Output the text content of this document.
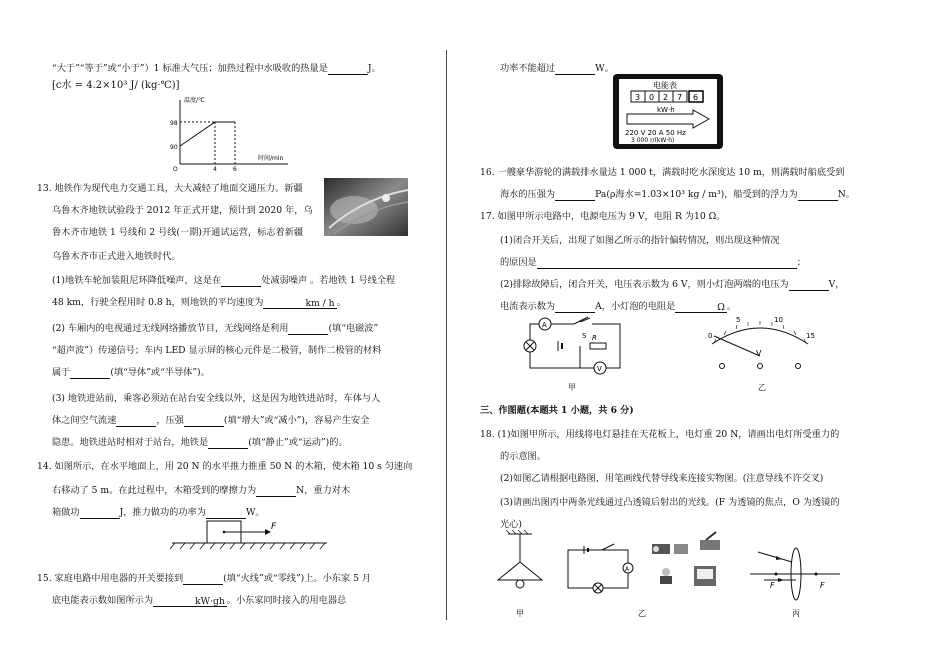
“大于”“等于”或“小于”）1 标准大气压；加热过程中水吸收的热量是	J。
[c水 = 4.2×10³ J/ (kg·℃)]
温度/℃
时间/min
98
90
4	6
O
13. 地铁作为现代电力交通工具，大大减轻了地面交通压力。新疆
乌鲁木齐地铁试验段于 2012 年正式开建，预计到 2020 年，乌
鲁木齐市地铁 1 号线和 2 号线(一期)开通试运营，标志着新疆
乌鲁木齐市正式进入地铁时代。
(1)地铁车轮加装阻尼环降低噪声，这是在	处减弱噪声 。若地铁 1 号线全程
48 km，行驶全程用时 0.8 h，则地铁的平均速度为	km / h 。
(2) 车厢内的电视通过无线网络播放节目，无线网络是利用	(填“电磁波”
“超声波”）传递信号；车内 LED 显示屏的核心元件是二极管，制作二极管的材料
属于	(填“导体”或“半导体”)。
(3) 地铁进站前，乘客必须站在站台安全线以外，这是因为地铁进站时，车体与人
体之间空气流速	，压强	(填“增大”或“减小”)，容易产生安全
隐患。地铁进站时相对于站台，地铁是	(填“静止”或“运动”)的。
14. 如图所示，在水平地面上，用 20 N 的水平推力推重 50 N 的木箱，使木箱 10 s 匀速向
右移动了 5 m。在此过程中，木箱受到的摩擦力为	N，重力对木
箱做功	J，推力做功的功率为	W。
F
15. 家庭电路中用电器的开关要接到	(填“火线”或“零线”)上。小东家 5 月
底电能表示数如图所示为	kW·gh 。小东家同时接入的用电器总
功率不能超过	W。
电能表
3 0 2 7 6
kW·h
220 V 20 A 50 Hz
3 000 r/(kW·h)
16. 一艘豪华游轮的满载排水量达 1 000 t，满载时吃水深度达 10 m，则满载时船底受到
海水的压强为	Pa(ρ海水=1.03×10³ kg / m³)，船受到的浮力为	N。
17. 如图甲所示电路中，电源电压为 9 V，电阻 R 为10 Ω。
(1)闭合开关后，出现了如图乙所示的指针偏转情况，则出现这种情况
的原因是	；
(2)排除故障后，闭合开关，电压表示数为 6 V，则小灯泡两端的电压为	V，
电流表示数为	A，小灯泡的电阻是	Ω 。
A
S R
V
甲
0
5	10
15
V
乙
三、作图题(本题共 1 小题，共 6 分)
18. (1)如图甲所示，用线将电灯悬挂在天花板上，电灯重 20 N，请画出电灯所受重力的
的示意图。
(2)如图乙请根据电路图，用笔画线代替导线来连接实物图。(注意导线不许交叉)
(3)请画出图丙中两条光线通过凸透镜后射出的光线。(F 为透镜的焦点，O 为透镜的
光心)
甲
A
乙
F	F
丙
